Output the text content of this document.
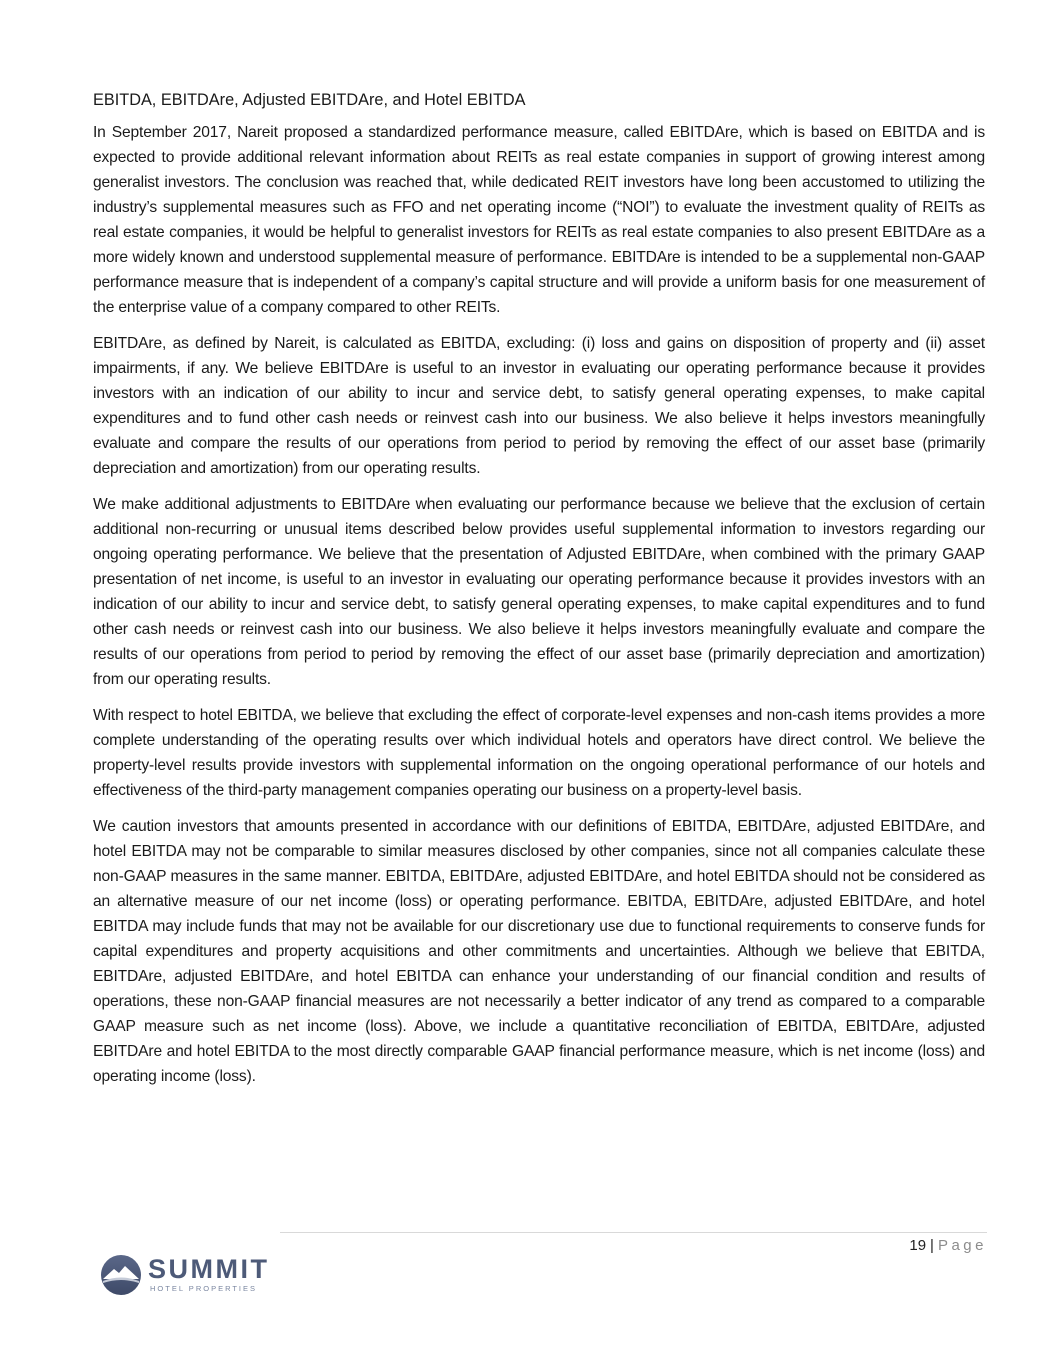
EBITDA, EBITDAre, Adjusted EBITDAre, and Hotel EBITDA

In September 2017, Nareit proposed a standardized performance measure, called EBITDAre, which is based on EBITDA and is expected to provide additional relevant information about REITs as real estate companies in support of growing interest among generalist investors. The conclusion was reached that, while dedicated REIT investors have long been accustomed to utilizing the industry’s supplemental measures such as FFO and net operating income (“NOI”) to evaluate the investment quality of REITs as real estate companies, it would be helpful to generalist investors for REITs as real estate companies to also present EBITDAre as a more widely known and understood supplemental measure of performance. EBITDAre is intended to be a supplemental non-GAAP performance measure that is independent of a company’s capital structure and will provide a uniform basis for one measurement of the enterprise value of a company compared to other REITs.

EBITDAre, as defined by Nareit, is calculated as EBITDA, excluding: (i) loss and gains on disposition of property and (ii) asset impairments, if any. We believe EBITDAre is useful to an investor in evaluating our operating performance because it provides investors with an indication of our ability to incur and service debt, to satisfy general operating expenses, to make capital expenditures and to fund other cash needs or reinvest cash into our business. We also believe it helps investors meaningfully evaluate and compare the results of our operations from period to period by removing the effect of our asset base (primarily depreciation and amortization) from our operating results.

We make additional adjustments to EBITDAre when evaluating our performance because we believe that the exclusion of certain additional non-recurring or unusual items described below provides useful supplemental information to investors regarding our ongoing operating performance. We believe that the presentation of Adjusted EBITDAre, when combined with the primary GAAP presentation of net income, is useful to an investor in evaluating our operating performance because it provides investors with an indication of our ability to incur and service debt, to satisfy general operating expenses, to make capital expenditures and to fund other cash needs or reinvest cash into our business. We also believe it helps investors meaningfully evaluate and compare the results of our operations from period to period by removing the effect of our asset base (primarily depreciation and amortization) from our operating results.

With respect to hotel EBITDA, we believe that excluding the effect of corporate-level expenses and non-cash items provides a more complete understanding of the operating results over which individual hotels and operators have direct control. We believe the property-level results provide investors with supplemental information on the ongoing operational performance of our hotels and effectiveness of the third-party management companies operating our business on a property-level basis.

We caution investors that amounts presented in accordance with our definitions of EBITDA, EBITDAre, adjusted EBITDAre, and hotel EBITDA may not be comparable to similar measures disclosed by other companies, since not all companies calculate these non-GAAP measures in the same manner. EBITDA, EBITDAre, adjusted EBITDAre, and hotel EBITDA should not be considered as an alternative measure of our net income (loss) or operating performance. EBITDA, EBITDAre, adjusted EBITDAre, and hotel EBITDA may include funds that may not be available for our discretionary use due to functional requirements to conserve funds for capital expenditures and property acquisitions and other commitments and uncertainties. Although we believe that EBITDA, EBITDAre, adjusted EBITDAre, and hotel EBITDA can enhance your understanding of our financial condition and results of operations, these non-GAAP financial measures are not necessarily a better indicator of any trend as compared to a comparable GAAP measure such as net income (loss). Above, we include a quantitative reconciliation of EBITDA, EBITDAre, adjusted EBITDAre and hotel EBITDA to the most directly comparable GAAP financial performance measure, which is net income (loss) and operating income (loss).

19 | Page
SUMMIT
HOTEL PROPERTIES
